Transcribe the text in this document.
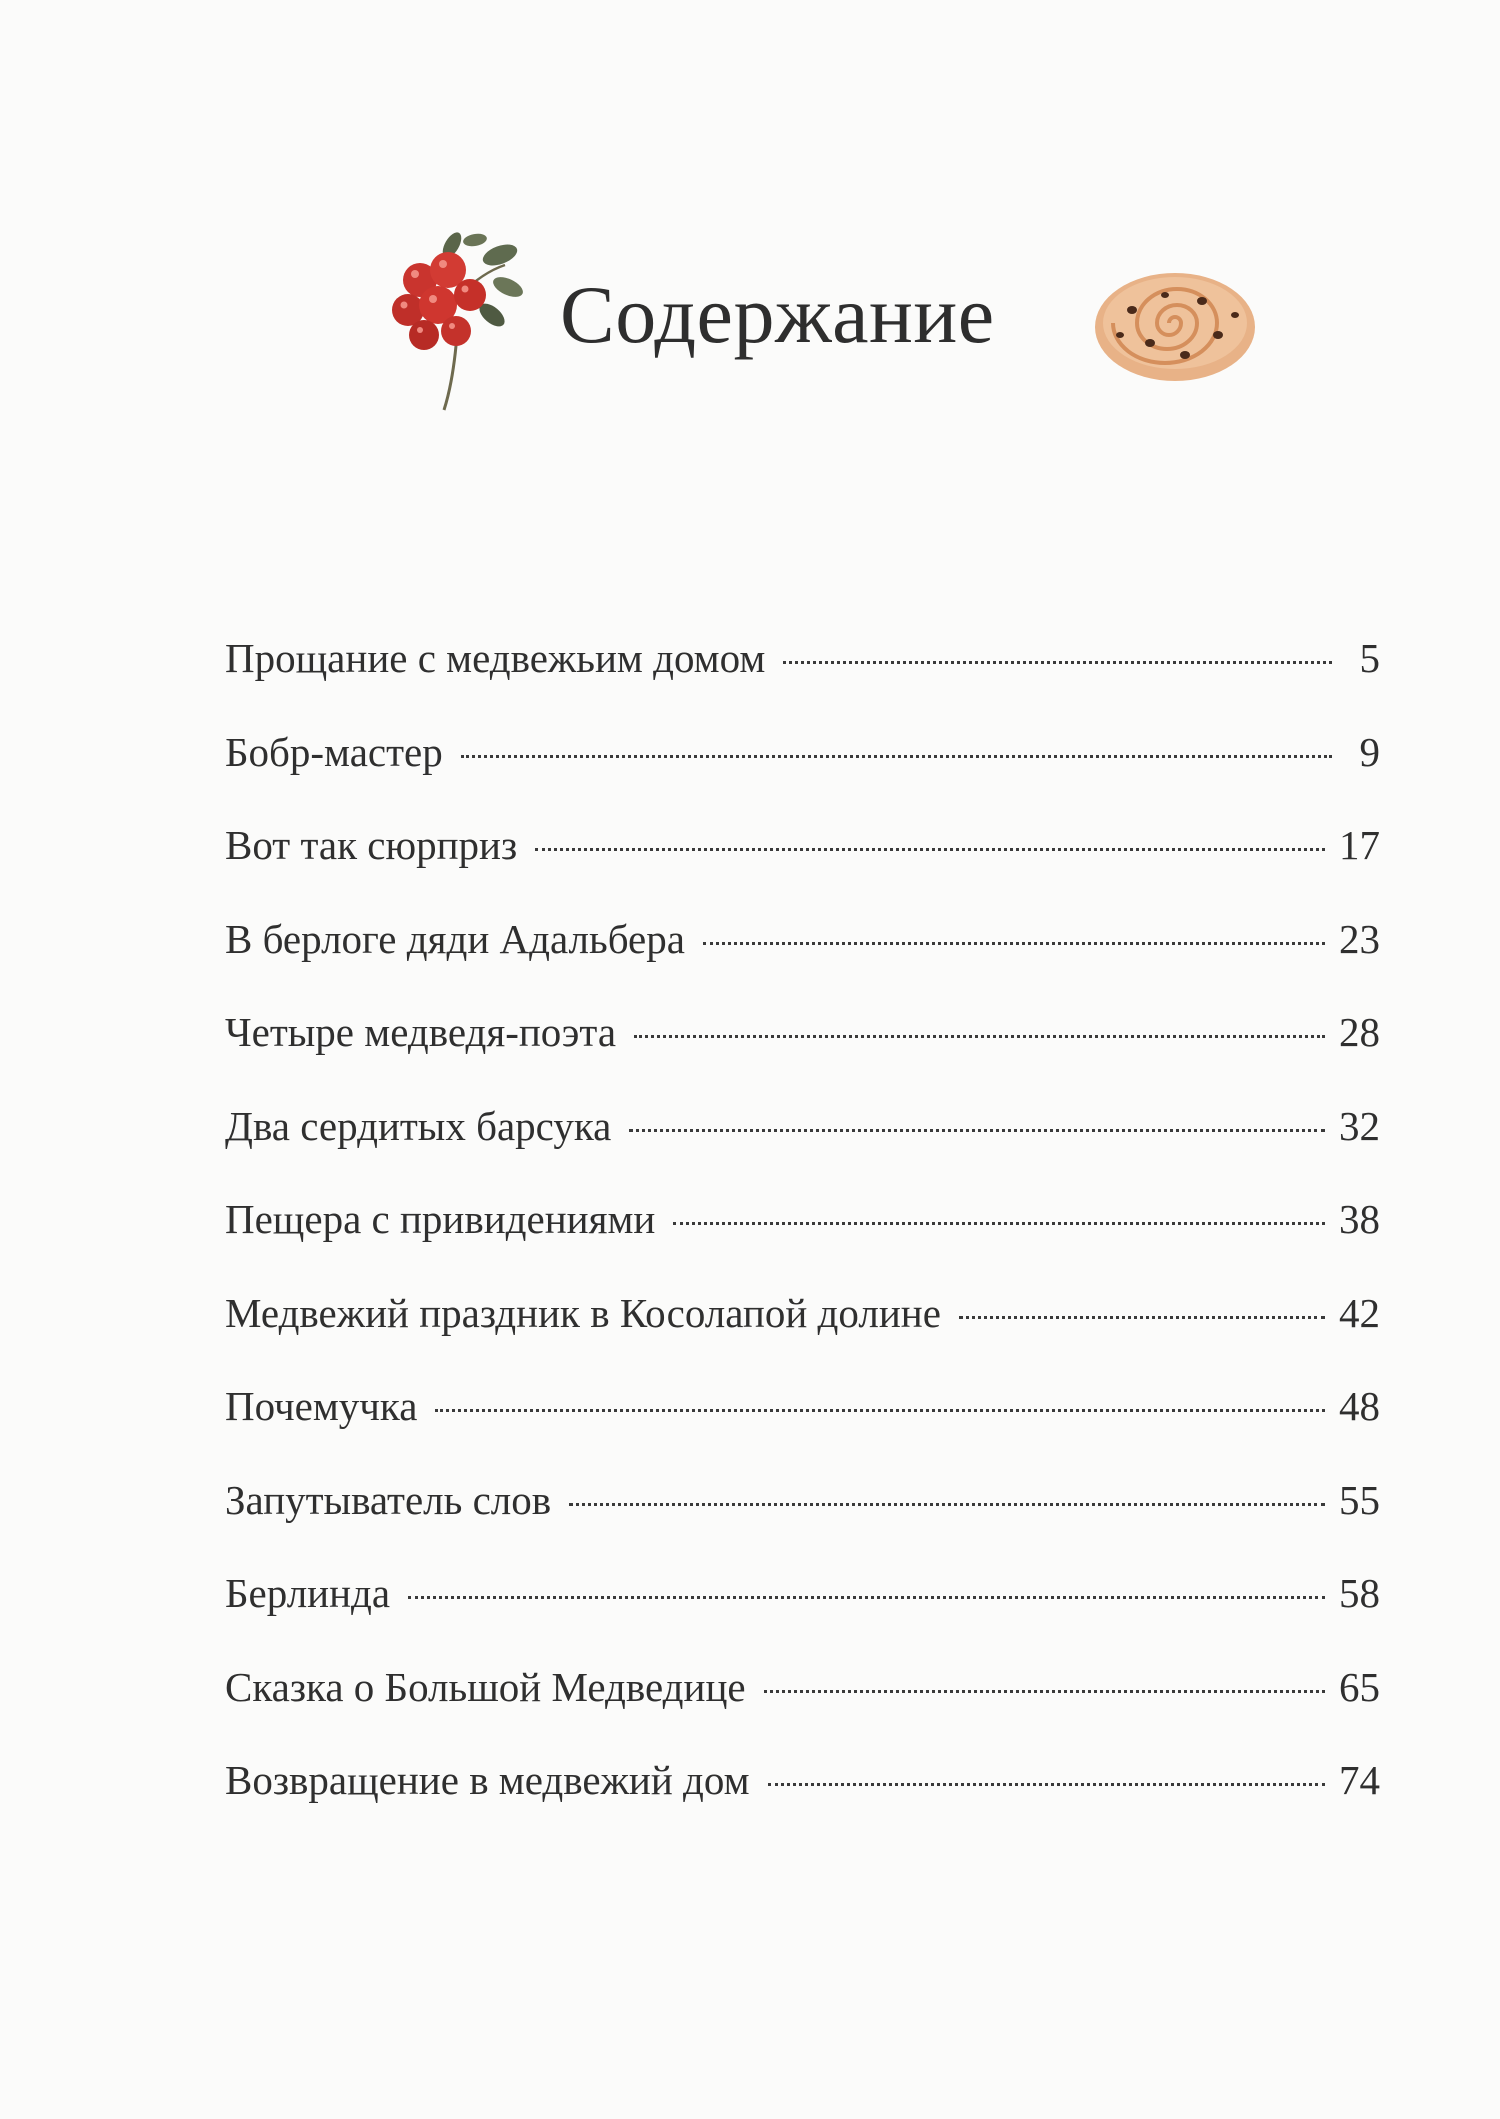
Содержание
Прощание с медвежьим домом	5
Бобр-мастер	9
Вот так сюрприз	17
В берлоге дяди Адальбера	23
Четыре медведя-поэта	28
Два сердитых барсука	32
Пещера с привидениями	38
Медвежий праздник в Косолапой долине	42
Почемучка	48
Запутыватель слов	55
Берлинда	58
Сказка о Большой Медведице	65
Возвращение в медвежий дом	74
